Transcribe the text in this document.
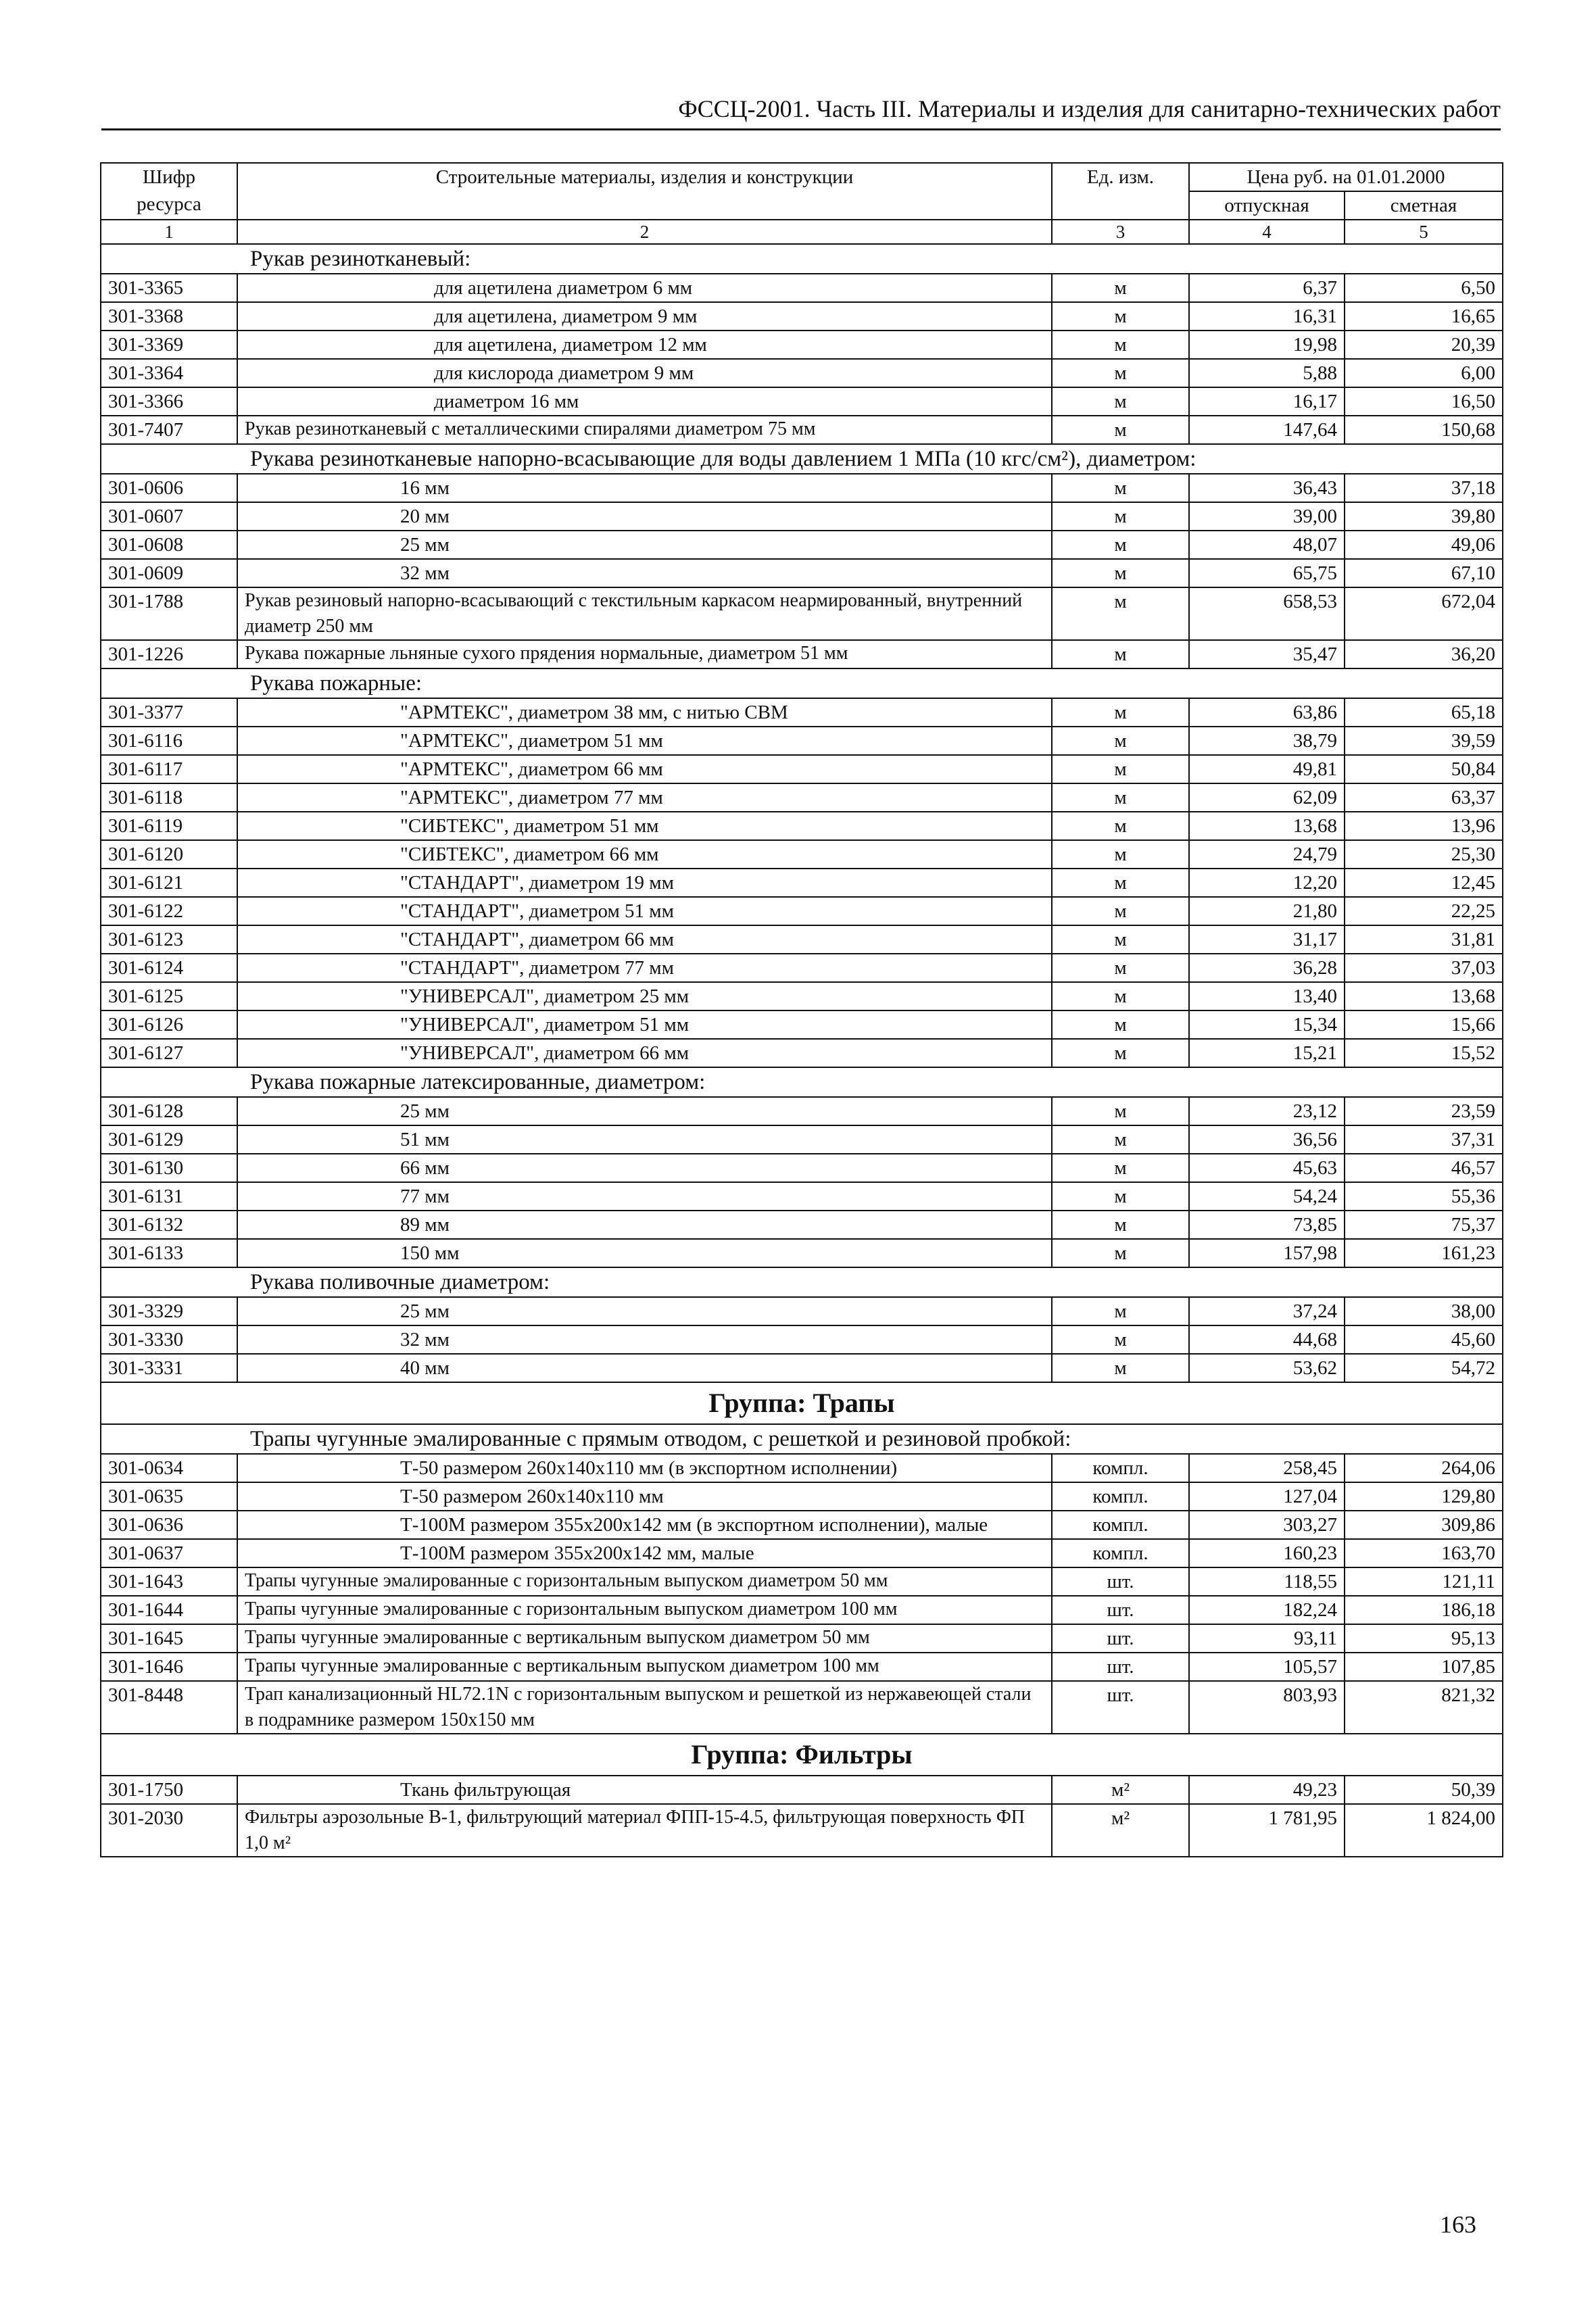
ФССЦ-2001. Часть III. Материалы и изделия для санитарно-технических работ
Шифр ресурса	Строительные материалы, изделия и конструкции	Ед. изм.	Цена руб. на 01.01.2000	
			отпускная	сметная
1	2	3	4	5
Рукав резинотканевый:				
301-3365	для ацетилена диаметром 6 мм	м	6,37	6,50
301-3368	для ацетилена, диаметром 9 мм	м	16,31	16,65
301-3369	для ацетилена, диаметром 12 мм	м	19,98	20,39
301-3364	для кислорода диаметром 9 мм	м	5,88	6,00
301-3366	диаметром 16 мм	м	16,17	16,50
301-7407	Рукав резинотканевый с металлическими спиралями диаметром 75 мм	м	147,64	150,68
Рукава резинотканевые напорно-всасывающие для воды давлением 1 МПа (10 кгс/см²), диаметром:				
301-0606	16 мм	м	36,43	37,18
301-0607	20 мм	м	39,00	39,80
301-0608	25 мм	м	48,07	49,06
301-0609	32 мм	м	65,75	67,10
301-1788	Рукав резиновый напорно-всасывающий с текстильным каркасом неармированный, внутренний диаметр 250 мм	м	658,53	672,04
301-1226	Рукава пожарные льняные сухого прядения нормальные, диаметром 51 мм	м	35,47	36,20
Рукава пожарные:				
301-3377	"АРМТЕКС", диаметром 38 мм, с нитью СВМ	м	63,86	65,18
301-6116	"АРМТЕКС", диаметром 51 мм	м	38,79	39,59
301-6117	"АРМТЕКС", диаметром 66 мм	м	49,81	50,84
301-6118	"АРМТЕКС", диаметром 77 мм	м	62,09	63,37
301-6119	"СИБТЕКС", диаметром 51 мм	м	13,68	13,96
301-6120	"СИБТЕКС", диаметром 66 мм	м	24,79	25,30
301-6121	"СТАНДАРТ", диаметром 19 мм	м	12,20	12,45
301-6122	"СТАНДАРТ", диаметром 51 мм	м	21,80	22,25
301-6123	"СТАНДАРТ", диаметром 66 мм	м	31,17	31,81
301-6124	"СТАНДАРТ", диаметром 77 мм	м	36,28	37,03
301-6125	"УНИВЕРСАЛ", диаметром 25 мм	м	13,40	13,68
301-6126	"УНИВЕРСАЛ", диаметром 51 мм	м	15,34	15,66
301-6127	"УНИВЕРСАЛ", диаметром 66 мм	м	15,21	15,52
Рукава пожарные латексированные, диаметром:				
301-6128	25 мм	м	23,12	23,59
301-6129	51 мм	м	36,56	37,31
301-6130	66 мм	м	45,63	46,57
301-6131	77 мм	м	54,24	55,36
301-6132	89 мм	м	73,85	75,37
301-6133	150 мм	м	157,98	161,23
Рукава поливочные диаметром:				
301-3329	25 мм	м	37,24	38,00
301-3330	32 мм	м	44,68	45,60
301-3331	40 мм	м	53,62	54,72
Группа: Трапы				
Трапы чугунные эмалированные с прямым отводом, с решеткой и резиновой пробкой:				
301-0634	Т-50 размером 260x140x110 мм (в экспортном исполнении)	компл.	258,45	264,06
301-0635	Т-50 размером 260x140x110 мм	компл.	127,04	129,80
301-0636	Т-100М размером 355x200x142 мм (в экспортном исполнении), малые	компл.	303,27	309,86
301-0637	Т-100М размером 355x200x142 мм, малые	компл.	160,23	163,70
301-1643	Трапы чугунные эмалированные с горизонтальным выпуском диаметром 50 мм	шт.	118,55	121,11
301-1644	Трапы чугунные эмалированные с горизонтальным выпуском диаметром 100 мм	шт.	182,24	186,18
301-1645	Трапы чугунные эмалированные с вертикальным выпуском диаметром 50 мм	шт.	93,11	95,13
301-1646	Трапы чугунные эмалированные с вертикальным выпуском диаметром 100 мм	шт.	105,57	107,85
301-8448	Трап канализационный HL72.1N с горизонтальным выпуском и решеткой из нержавеющей стали в подрамнике размером 150x150 мм	шт.	803,93	821,32
Группа: Фильтры				
301-1750	Ткань фильтрующая	м²	49,23	50,39
301-2030	Фильтры аэрозольные В-1, фильтрующий материал ФПП-15-4.5, фильтрующая поверхность ФП 1,0 м²	м²	1 781,95	1 824,00
163
